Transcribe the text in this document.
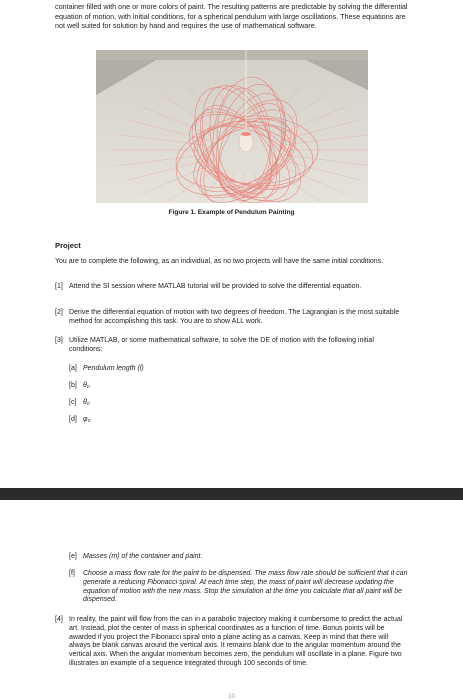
container filled with one or more colors of paint. The resulting patterns are predictable by solving the differential equation of motion, with initial conditions, for a spherical pendulum with large oscillations. These equations are not well suited for solution by hand and requires the use of mathematical software.

Figure 1. Example of Pendulum Painting
Project

You are to complete the following, as an individual, as no two projects will have the same initial conditions.

[1] Attend the SI session where MATLAB tutorial will be provided to solve the differential equation.
[2] Derive the differential equation of motion with two degrees of freedom. The Lagrangian is the most suitable method for accomplishing this task. You are to show ALL work.
[3] Utilize MATLAB, or some mathematical software, to solve the DE of motion with the following initial conditions:
[a] Pendulum length (l)
[b] θ₀
[c] θ̇₀
[d] φ₀
[e] Masses (m) of the container and paint.
[f] Choose a mass flow rate for the paint to be dispensed. The mass flow rate should be sufficient that it can generate a reducing Fibonacci spiral. At each time step, the mass of paint will decrease updating the equation of motion with the new mass. Stop the simulation at the time you calculate that all paint will be dispensed.
[4] In reality, the paint will flow from the can in a parabolic trajectory making it cumbersome to predict the actual art. Instead, plot the center of mass in spherical coordinates as a function of time. Bonus points will be awarded if you project the Fibonacci spiral onto a plane acting as a canvas. Keep in mind that there will always be blank canvas around the vertical axis. It remains blank due to the angular momentum around the vertical axis. When the angular momentum becomes zero, the pendulum will oscillate in a plane. Figure two illustrates an example of a sequence integrated through 100 seconds of time.
10
